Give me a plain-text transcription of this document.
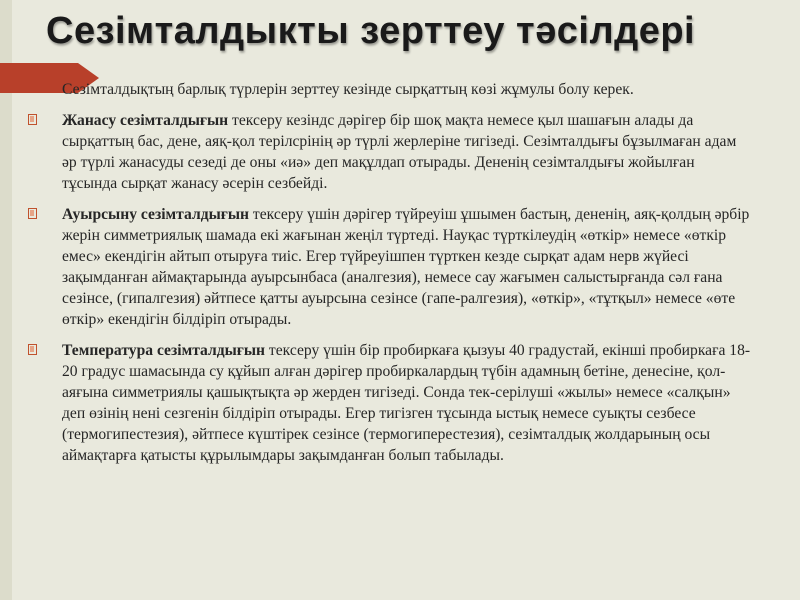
Сезімталдыкты зерттеу тәсілдері

Сезімталдықтың барлық түрлерін зерттеу кезінде сырқаттың көзі жұмулы болу керек.

Жанасу сезімталдығын тексеру кезіндс дәрігер бір шоқ мақта немесе қыл шашағын алады да сырқаттың бас, дене, аяқ-қол терілсрінің әр түрлі жерлеріне тигізеді. Сезімталдығы бұзылмаған адам әр түрлі жанасуды сезеді де оны «иә» деп мақұлдап отырады. Дененің сезімталдығы жойылған тұсында сырқат жанасу әсерін сезбейді.

Ауырсыну сезімталдығын тексеру үшін дәрігер түйреуіш ұшымен бастың, дененің, аяқ-қолдың әрбір жерін симметриялық шамада екі жағынан жеңіл түртеді. Науқас түрткілеудің «өткір» немесе «өткір емес» екендігін айтып отыруға тиіс. Егер түйреуішпен түрткен кезде сырқат адам нерв жүйесі зақымданған аймақтарында ауырсынбаса (аналгезия), немесе сау жағымен салыстырғанда сәл ғана сезінсе, (гипалгезия) әйтпесе қатты ауырсына сезінсе (гапе-ралгезия), «өткір», «тұтқыл» немесе «өте өткір» екендігін білдіріп отырады.

Температура сезімталдығын тексеру үшін бір пробиркаға қызуы 40 градустай, екінші пробиркаға 18-20 градус шамасында су құйып алған дәрігер пробиркалардың түбін адамның бетіне, денесіне, қол-аяғына симметриялы қашықтықта әр жерден тигізеді. Сонда тек-серілуші «жылы» немесе «салқын» деп өзінің нені сезгенін білдіріп отырады. Егер тигізген тұсында ыстық немесе суықты сезбесе (термогипестезия), әйтпесе күштірек сезінсе (термогиперестезия), сезімталдық жолдарының осы аймақтарға қатысты құрылымдары зақымданған болып табылады.
